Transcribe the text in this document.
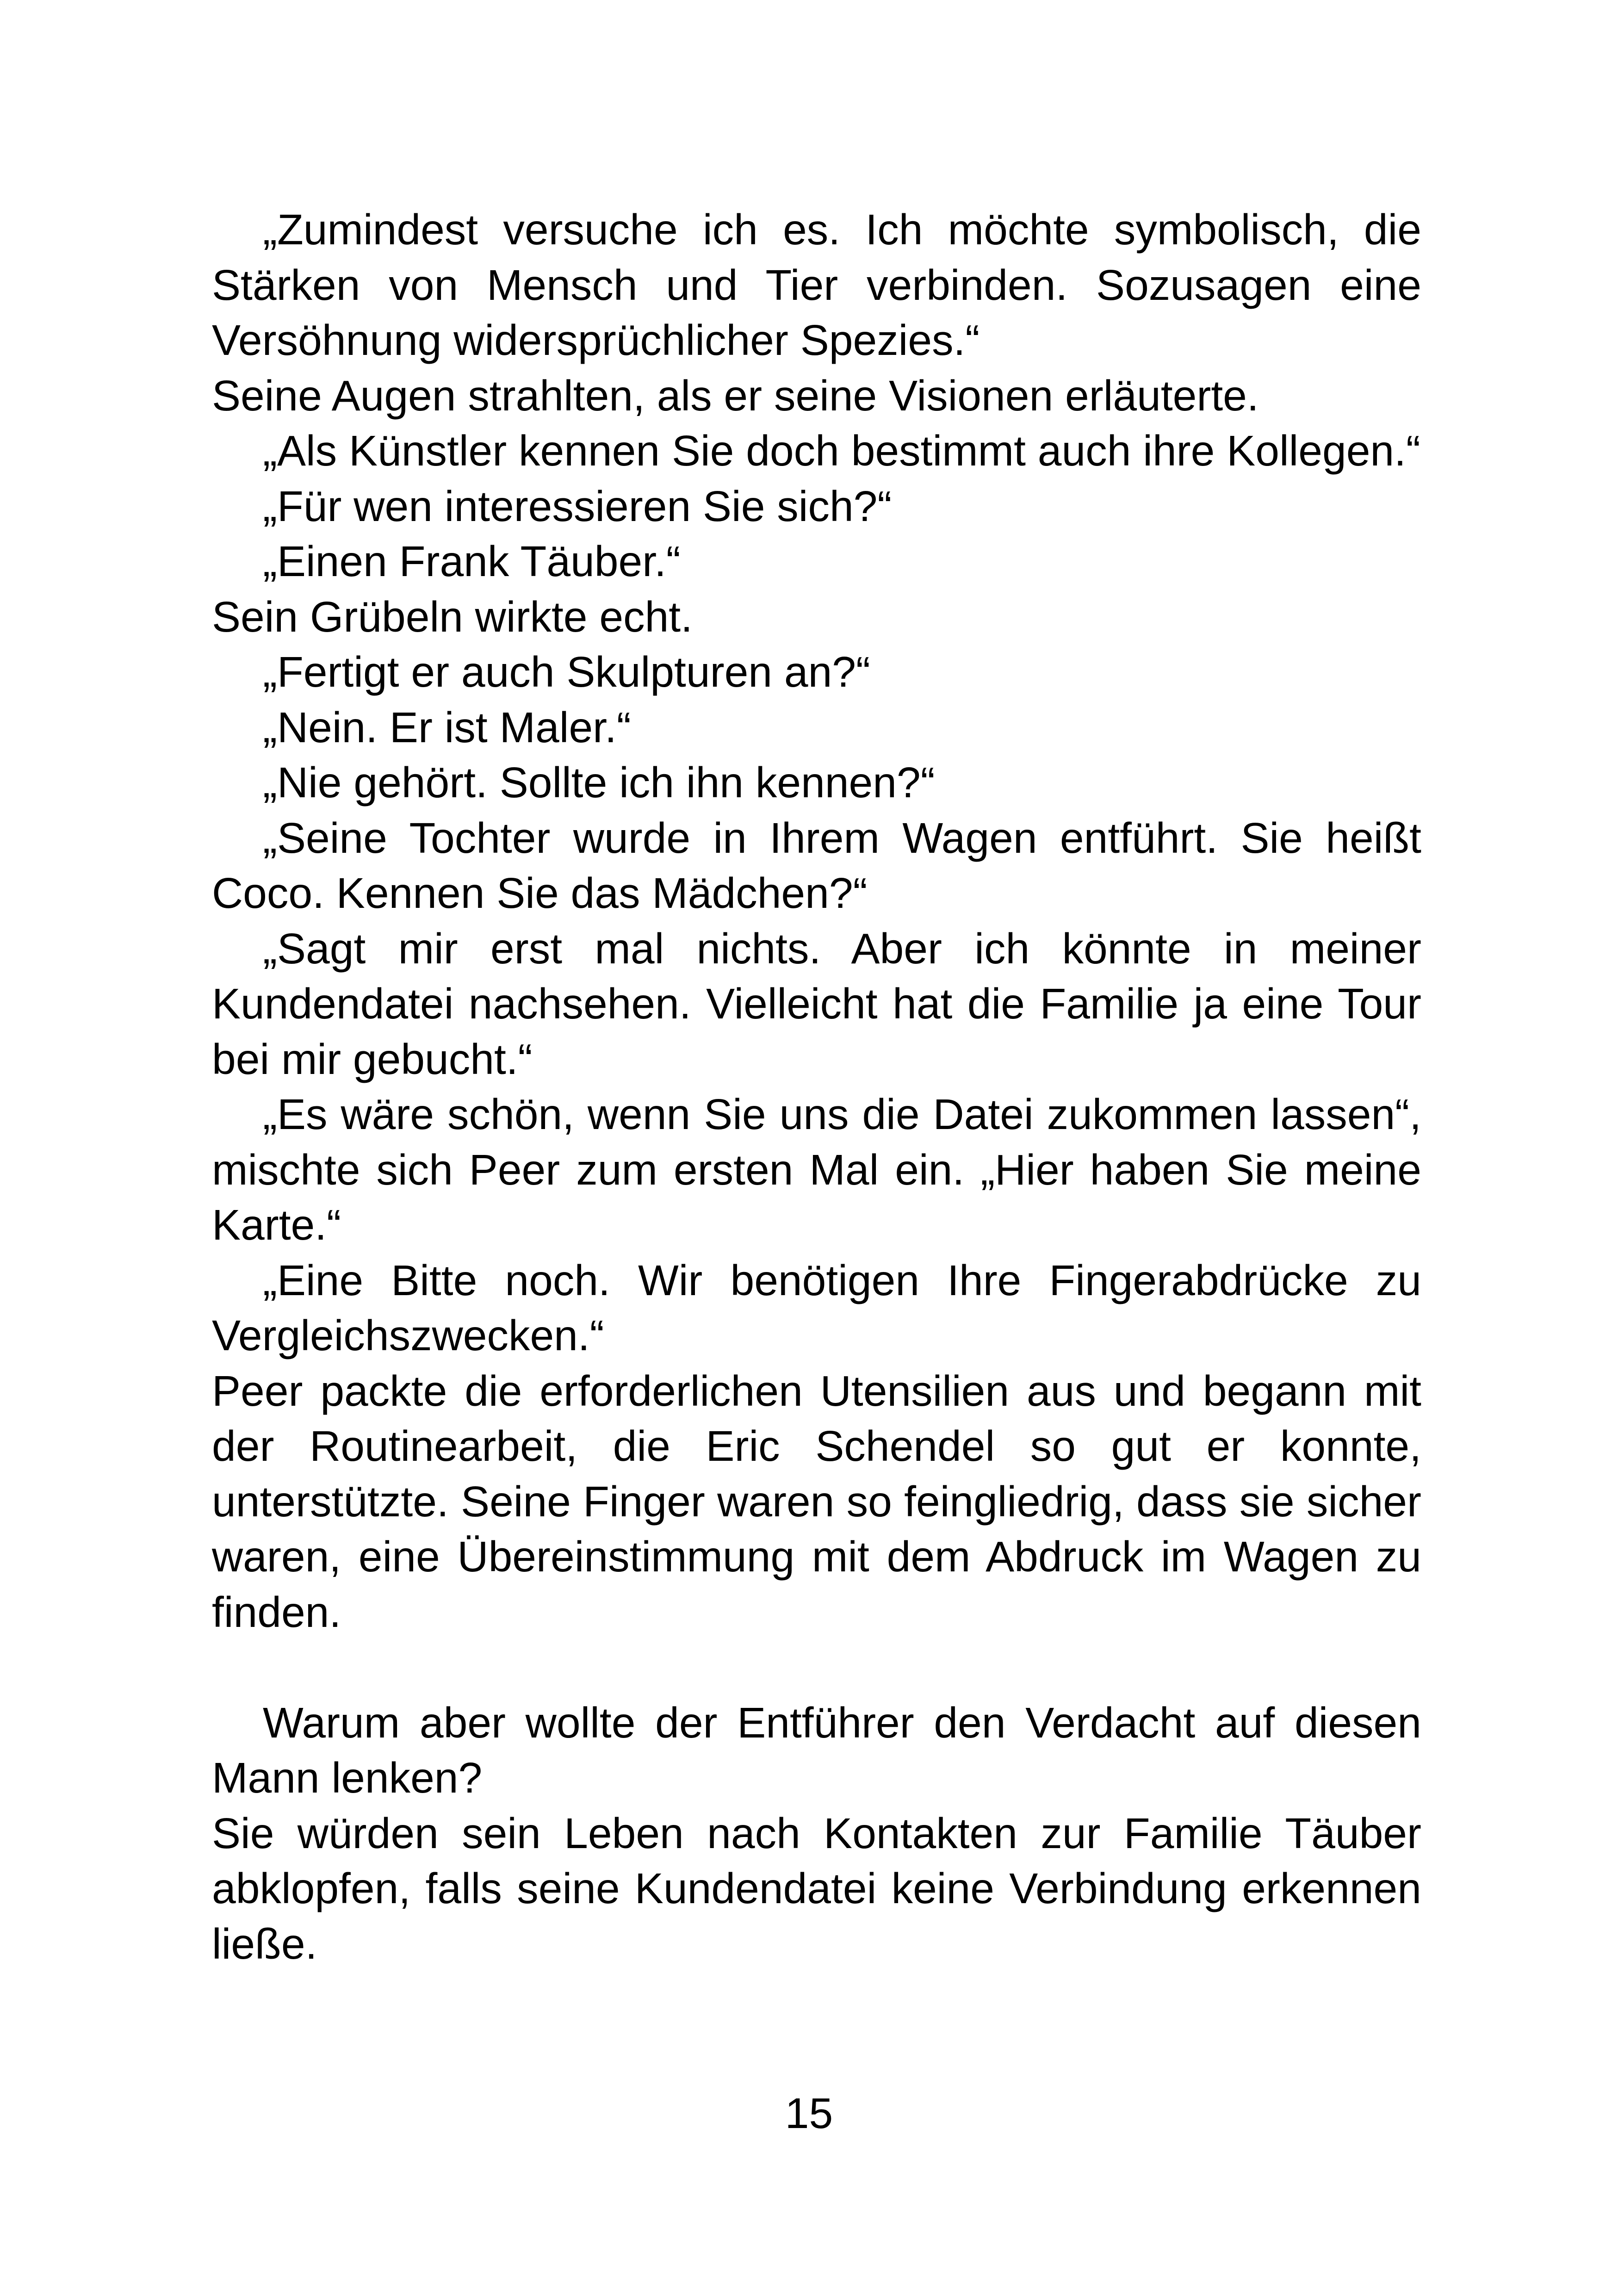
„Zumindest versuche ich es. Ich möchte symbolisch, die Stärken von Mensch und Tier verbinden. Sozusagen eine Versöhnung widersprüchlicher Spezies.“

Seine Augen strahlten, als er seine Visionen erläuterte.

„Als Künstler kennen Sie doch bestimmt auch ihre Kollegen.“

„Für wen interessieren Sie sich?“

„Einen Frank Täuber.“

Sein Grübeln wirkte echt.

„Fertigt er auch Skulpturen an?“

„Nein. Er ist Maler.“

„Nie gehört. Sollte ich ihn kennen?“

„Seine Tochter wurde in Ihrem Wagen entführt. Sie heißt Coco. Kennen Sie das Mädchen?“

„Sagt mir erst mal nichts. Aber ich könnte in meiner Kundendatei nachsehen. Vielleicht hat die Familie ja eine Tour bei mir gebucht.“

„Es wäre schön, wenn Sie uns die Datei zukommen lassen“, mischte sich Peer zum ersten Mal ein. „Hier haben Sie meine Karte.“

„Eine Bitte noch. Wir benötigen Ihre Fingerabdrücke zu Vergleichszwecken.“

Peer packte die erforderlichen Utensilien aus und begann mit der Routinearbeit, die Eric Schendel so gut er konnte, unterstützte. Seine Finger waren so feingliedrig, dass sie sicher waren, eine Übereinstimmung mit dem Abdruck im Wagen zu finden.

Warum aber wollte der Entführer den Verdacht auf diesen Mann lenken?

Sie würden sein Leben nach Kontakten zur Familie Täuber abklopfen, falls seine Kundendatei keine Verbindung erkennen ließe.

15
